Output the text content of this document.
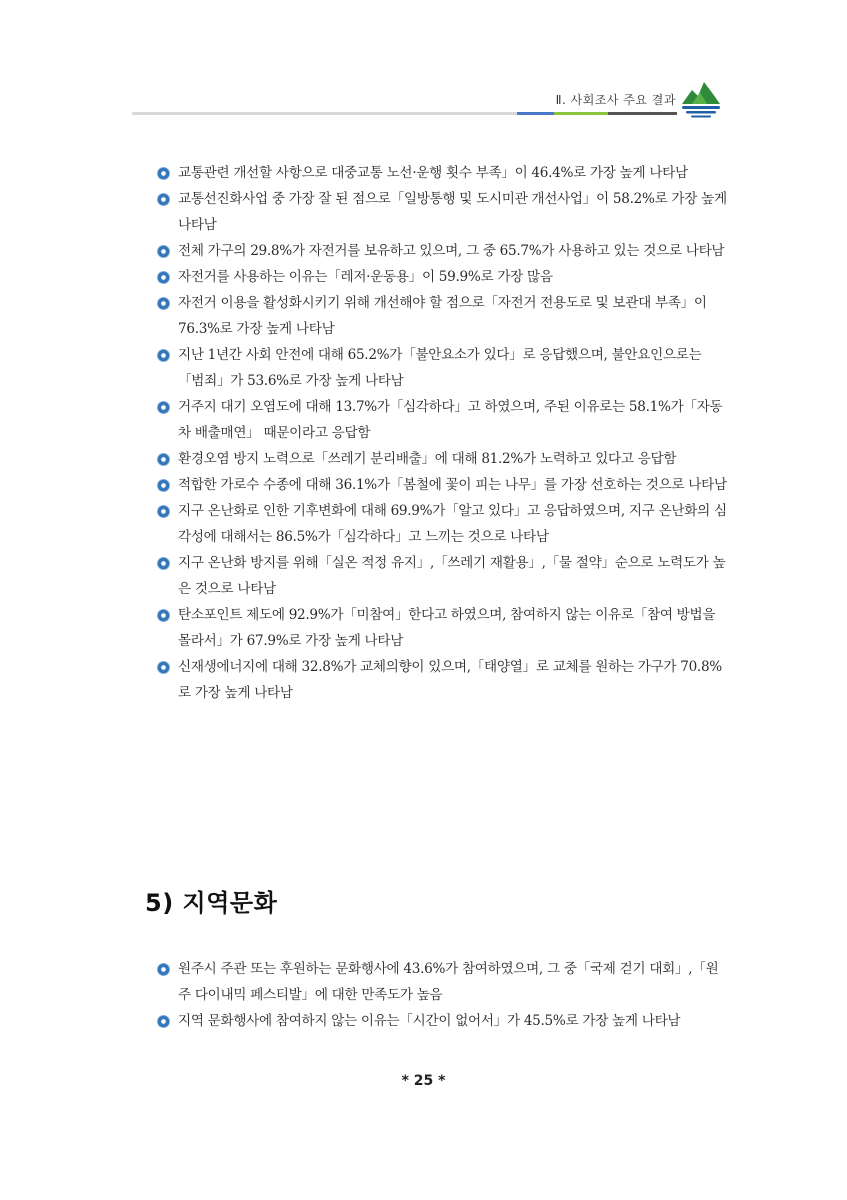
Ⅱ. 사회조사 주요 결과
교통관련 개선할 사항으로 대중교통 노선·운행 횟수 부족」이 46.4%로 가장 높게 나타남
교통선진화사업 중 가장 잘 된 점으로「일방통행 및 도시미관 개선사업」이 58.2%로 가장 높게 나타남
전체 가구의 29.8%가 자전거를 보유하고 있으며, 그 중 65.7%가 사용하고 있는 것으로 나타남
자전거를 사용하는 이유는「레저·운동용」이 59.9%로 가장 많음
자전거 이용을 활성화시키기 위해 개선해야 할 점으로「자전거 전용도로 및 보관대 부족」이 76.3%로 가장 높게 나타남
지난 1년간 사회 안전에 대해 65.2%가「불안요소가 있다」로 응답했으며, 불안요인으로는「범죄」가 53.6%로 가장 높게 나타남
거주지 대기 오염도에 대해 13.7%가「심각하다」고 하였으며, 주된 이유로는 58.1%가「자동차 배출매연」 때문이라고 응답함
환경오염 방지 노력으로「쓰레기 분리배출」에 대해 81.2%가 노력하고 있다고 응답함
적합한 가로수 수종에 대해 36.1%가「봄철에 꽃이 피는 나무」를 가장 선호하는 것으로 나타남
지구 온난화로 인한 기후변화에 대해 69.9%가「알고 있다」고 응답하였으며, 지구 온난화의 심각성에 대해서는 86.5%가「심각하다」고 느끼는 것으로 나타남
지구 온난화 방지를 위해「실온 적정 유지」,「쓰레기 재활용」,「물 절약」순으로 노력도가 높은 것으로 나타남
탄소포인트 제도에 92.9%가「미참여」한다고 하였으며, 참여하지 않는 이유로「참여 방법을 몰라서」가 67.9%로 가장 높게 나타남
신재생에너지에 대해 32.8%가 교체의향이 있으며,「태양열」로 교체를 원하는 가구가 70.8%로 가장 높게 나타남
5) 지역문화
원주시 주관 또는 후원하는 문화행사에 43.6%가 참여하였으며, 그 중「국제 걷기 대회」,「원주 다이내믹 페스티발」에 대한 만족도가 높음
지역 문화행사에 참여하지 않는 이유는「시간이 없어서」가 45.5%로 가장 높게 나타남
* 25 *
